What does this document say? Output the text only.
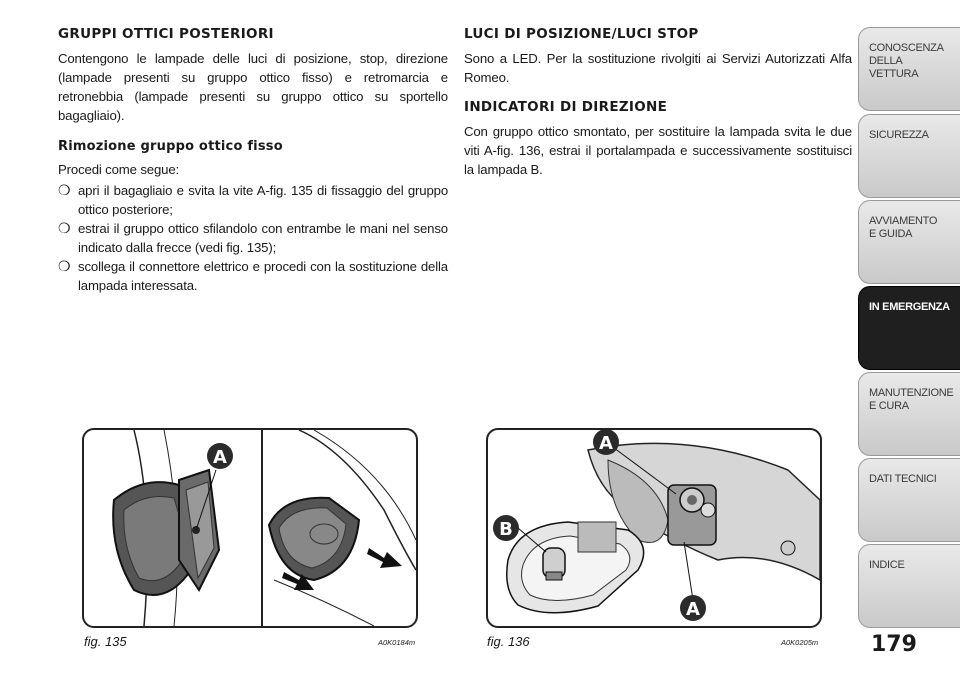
GRUPPI OTTICI POSTERIORI

Contengono le lampade delle luci di posizione, stop, direzione (lampade presenti su gruppo ottico fisso) e retromarcia e retronebbia (lampade presenti su gruppo ottico su sportello bagagliaio).

Rimozione gruppo ottico fisso

Procedi come segue:

❍ apri il bagagliaio e svita la vite A-fig. 135 di fissaggio del gruppo ottico posteriore;
❍ estrai il gruppo ottico sfilandolo con entrambe le mani nel senso indicato dalla frecce (vedi fig. 135);
❍ scollega il connettore elettrico e procedi con la sostituzione della lampada interessata.
LUCI DI POSIZIONE/LUCI STOP

Sono a LED. Per la sostituzione rivolgiti ai Servizi Autorizzati Alfa Romeo.

INDICATORI DI DIREZIONE

Con gruppo ottico smontato, per sostituire la lampada svita le due viti A-fig. 136, estrai il portalampada e successivamente sostituisci la lampada B.

A
fig. 135	A0K0184m
A
B
A
fig. 136	A0K0205m 179
CONOSCENZA
DELLA
VETTURA
SICUREZZA
AVVIAMENTO
E GUIDA
IN EMERGENZA
MANUTENZIONE
E CURA
DATI TECNICI
INDICE
